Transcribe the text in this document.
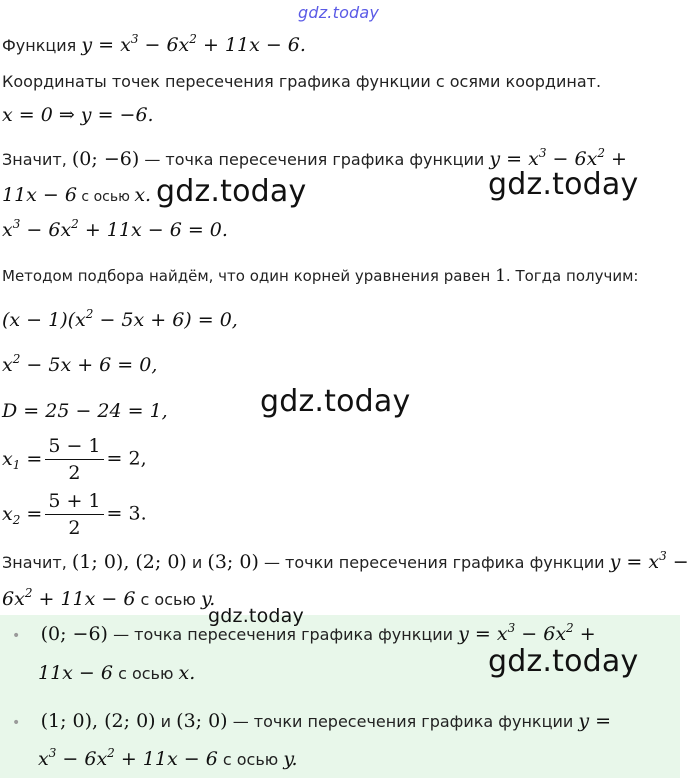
gdz.today
Функция $y = x^3 - 6x^2 + 11x - 6$.
Координаты точек пересечения графика функции с осями координат.
x = 0 ⇒ y = −6.
Значит, (0; −6) — точка пересечения графика функции $y = x^3 - 6x^2$ +
11x − 6 с осью x. gdz.today	gdz.today
$x^3 - 6x^2 + 11x - 6 = 0$.
Методом подбора найдём, что один корней уравнения равен 1. Тогда получим:
$(x - 1)(x^2 - 5x + 6) = 0$,
$x^2 - 5x + 6 = 0$,
D = 25 − 24 = 1,	gdz.today
$x_1 = \frac{5 - 1}{2} = 2$,
$x_2 = \frac{5 + 1}{2} = 3$.
Значит, (1; 0), (2; 0) и (3; 0) — точки пересечения графика функции $y = x^3$ −
$6x^2 + 11x - 6$ с осью y.
gdz.today
• (0; −6) — точка пересечения графика функции $y = x^3 - 6x^2$ +
11x − 6 с осью x.	gdz.today
• (1; 0), (2; 0) и (3; 0) — точки пересечения графика функции y =
$x^3 - 6x^2 + 11x - 6$ с осью y.
